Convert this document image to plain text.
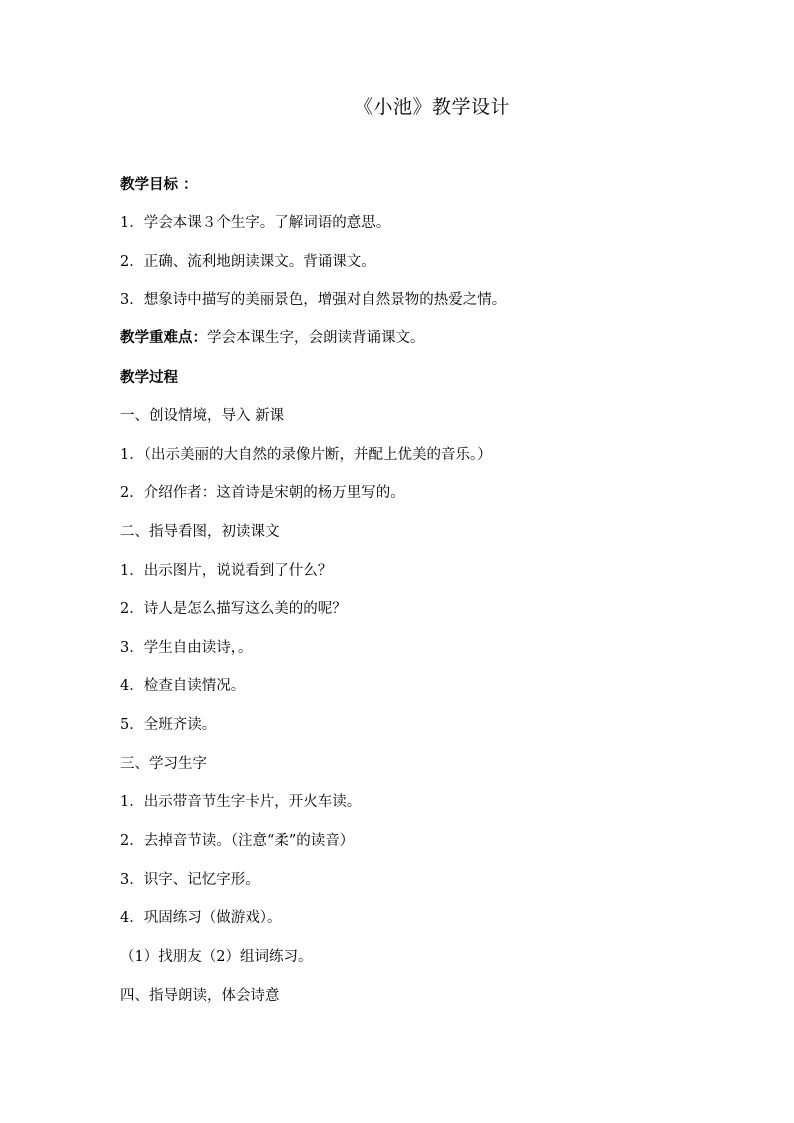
《小池》教学设计
教学目标 ：
1．学会本课３个生字。了解词语的意思。
2．正确、流利地朗读课文。背诵课文。
3．想象诗中描写的美丽景色，增强对自然景物的热爱之情。
教学重难点：学会本课生字，会朗读背诵课文。
教学过程
一、创设情境，导入 新课
1．（出示美丽的大自然的录像片断，并配上优美的音乐。）
2．介绍作者：这首诗是宋朝的杨万里写的。
二、指导看图，初读课文
1．出示图片，说说看到了什么？
2．诗人是怎么描写这么美的的呢？
3．学生自由读诗，。
4．检查自读情况。
5．全班齐读。
三、学习生字
1．出示带音节生字卡片，开火车读。
2．去掉音节读。（注意“柔”的读音）
3．识字、记忆字形。
4．巩固练习（做游戏）。
（1）找朋友（2）组词练习。
四、指导朗读，体会诗意
